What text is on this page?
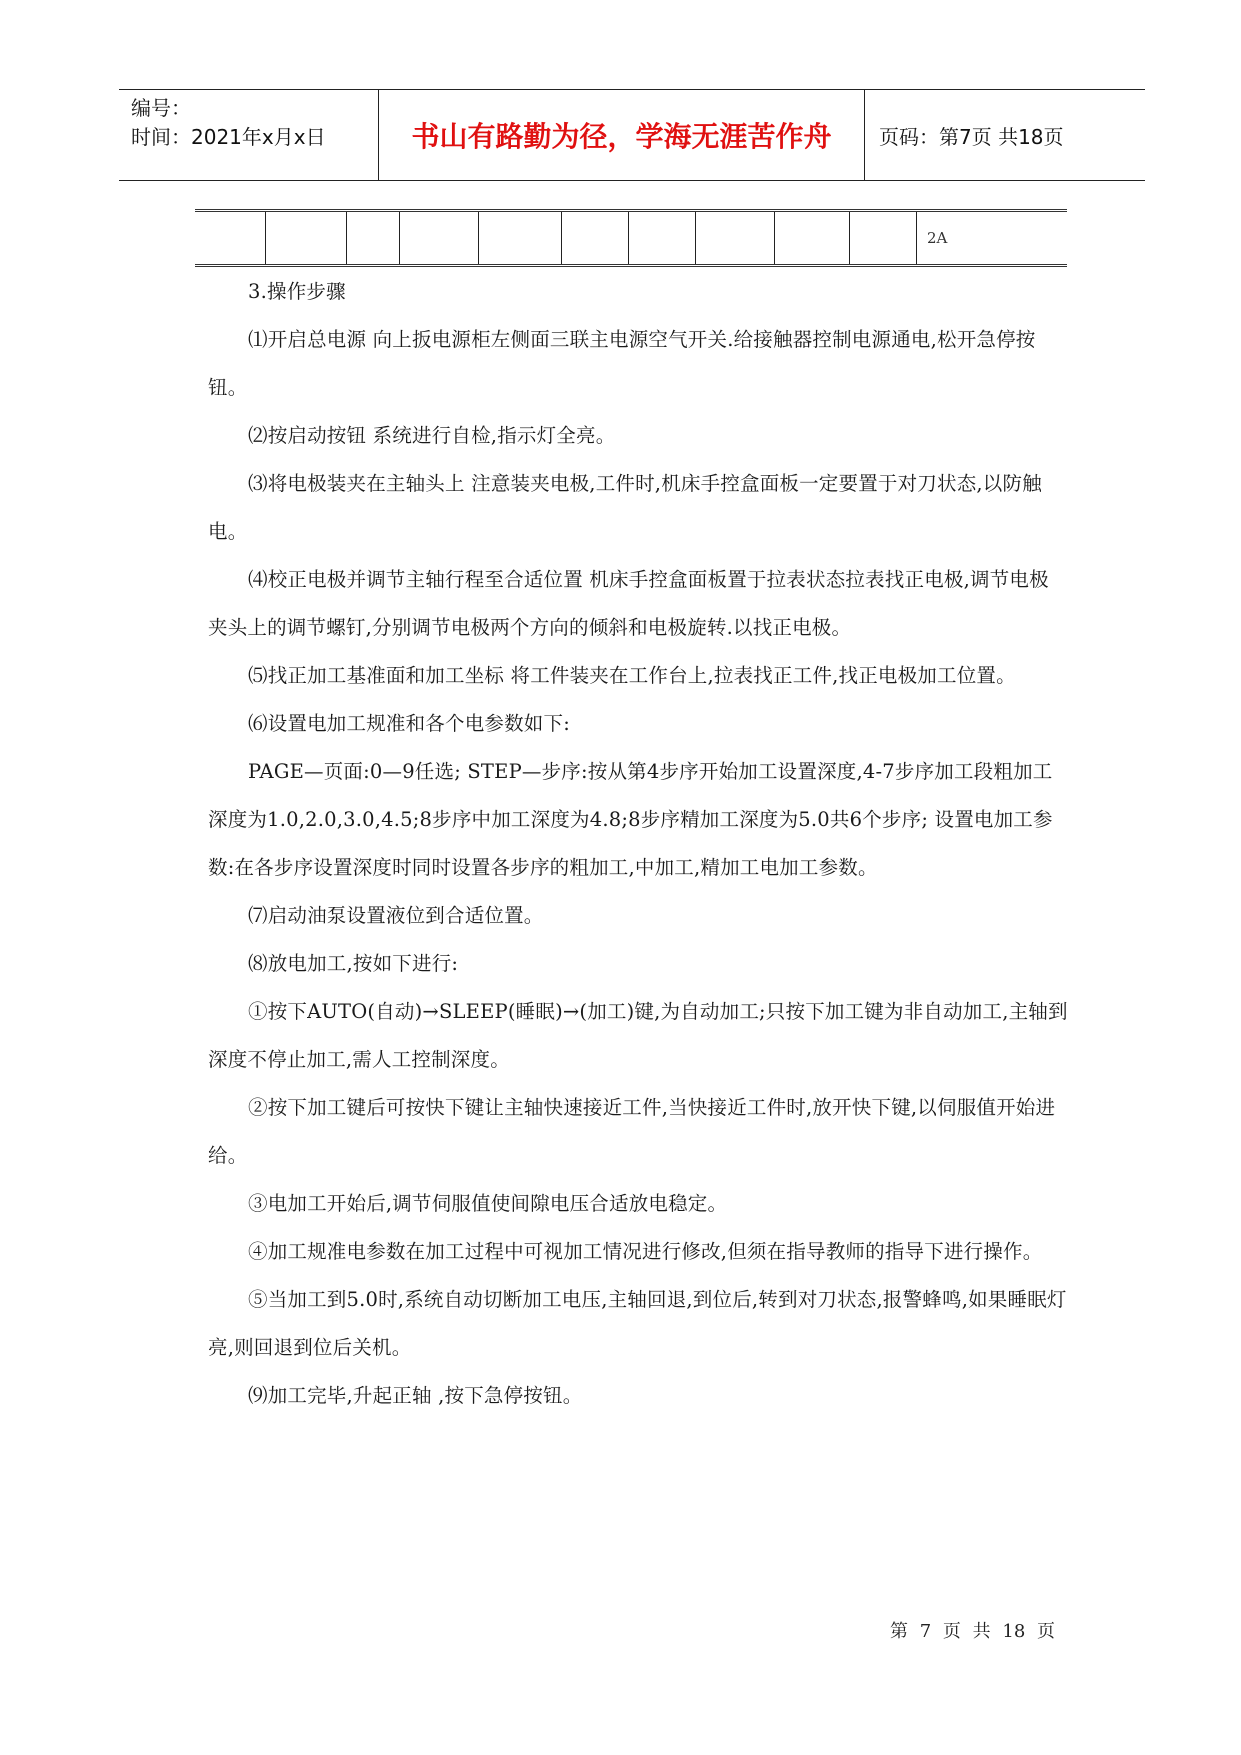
编号：
时间：2021年x月x日	书山有路勤为径，学海无涯苦作舟	页码：第7页 共18页
										2A

3.操作步骤

⑴开启总电源 向上扳电源柜左侧面三联主电源空气开关.给接触器控制电源通电,松开急停按钮。

⑵按启动按钮 系统进行自检,指示灯全亮。

⑶将电极装夹在主轴头上 注意装夹电极,工件时,机床手控盒面板一定要置于对刀状态,以防触电。

⑷校正电极并调节主轴行程至合适位置 机床手控盒面板置于拉表状态拉表找正电极,调节电极夹头上的调节螺钉,分别调节电极两个方向的倾斜和电极旋转.以找正电极。

⑸找正加工基准面和加工坐标 将工件装夹在工作台上,拉表找正工件,找正电极加工位置。

⑹设置电加工规准和各个电参数如下:

PAGE—页面:0—9任选; STEP—步序:按从第4步序开始加工设置深度,4-7步序加工段粗加工深度为1.0,2.0,3.0,4.5;8步序中加工深度为4.8;8步序精加工深度为5.0共6个步序; 设置电加工参数:在各步序设置深度时同时设置各步序的粗加工,中加工,精加工电加工参数。

⑺启动油泵设置液位到合适位置。

⑻放电加工,按如下进行:

①按下AUTO(自动)→SLEEP(睡眠)→(加工)键,为自动加工;只按下加工键为非自动加工,主轴到深度不停止加工,需人工控制深度。

②按下加工键后可按快下键让主轴快速接近工件,当快接近工件时,放开快下键,以伺服值开始进给。

③电加工开始后,调节伺服值使间隙电压合适放电稳定。

④加工规准电参数在加工过程中可视加工情况进行修改,但须在指导教师的指导下进行操作。

⑤当加工到5.0时,系统自动切断加工电压,主轴回退,到位后,转到对刀状态,报警蜂鸣,如果睡眠灯亮,则回退到位后关机。

⑼加工完毕,升起正轴 ,按下急停按钮。

第 7 页 共 18 页
